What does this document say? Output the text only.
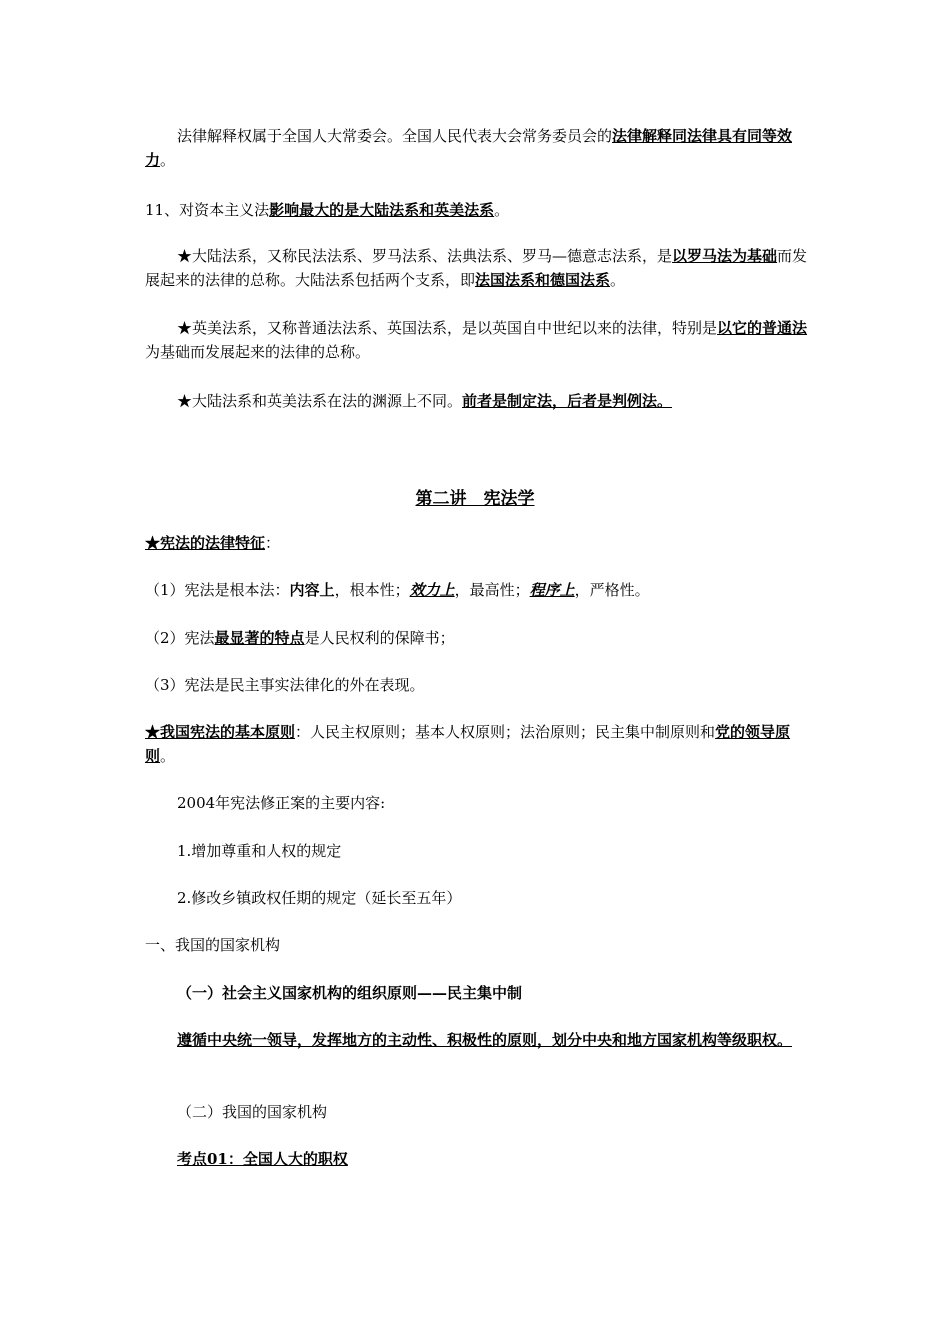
法律解释权属于全国人大常委会。全国人民代表大会常务委员会的法律解释同法律具有同等效力。

11、对资本主义法影响最大的是大陆法系和英美法系。

★大陆法系，又称民法法系、罗马法系、法典法系、罗马—德意志法系，是以罗马法为基础而发展起来的法律的总称。大陆法系包括两个支系，即法国法系和德国法系。

★英美法系，又称普通法法系、英国法系，是以英国自中世纪以来的法律，特别是以它的普通法为基础而发展起来的法律的总称。

★大陆法系和英美法系在法的渊源上不同。前者是制定法，后者是判例法。

第二讲　宪法学

★宪法的法律特征：

（1）宪法是根本法：内容上，根本性；效力上，最高性；程序上，严格性。

（2）宪法最显著的特点是人民权利的保障书；

（3）宪法是民主事实法律化的外在表现。

★我国宪法的基本原则：人民主权原则；基本人权原则；法治原则；民主集中制原则和党的领导原则。

2004年宪法修正案的主要内容:

1.增加尊重和人权的规定

2.修改乡镇政权任期的规定（延长至五年）

一、我国的国家机构

（一）社会主义国家机构的组织原则——民主集中制

遵循中央统一领导，发挥地方的主动性、积极性的原则，划分中央和地方国家机构等级职权。

（二）我国的国家机构

考点01：全国人大的职权
